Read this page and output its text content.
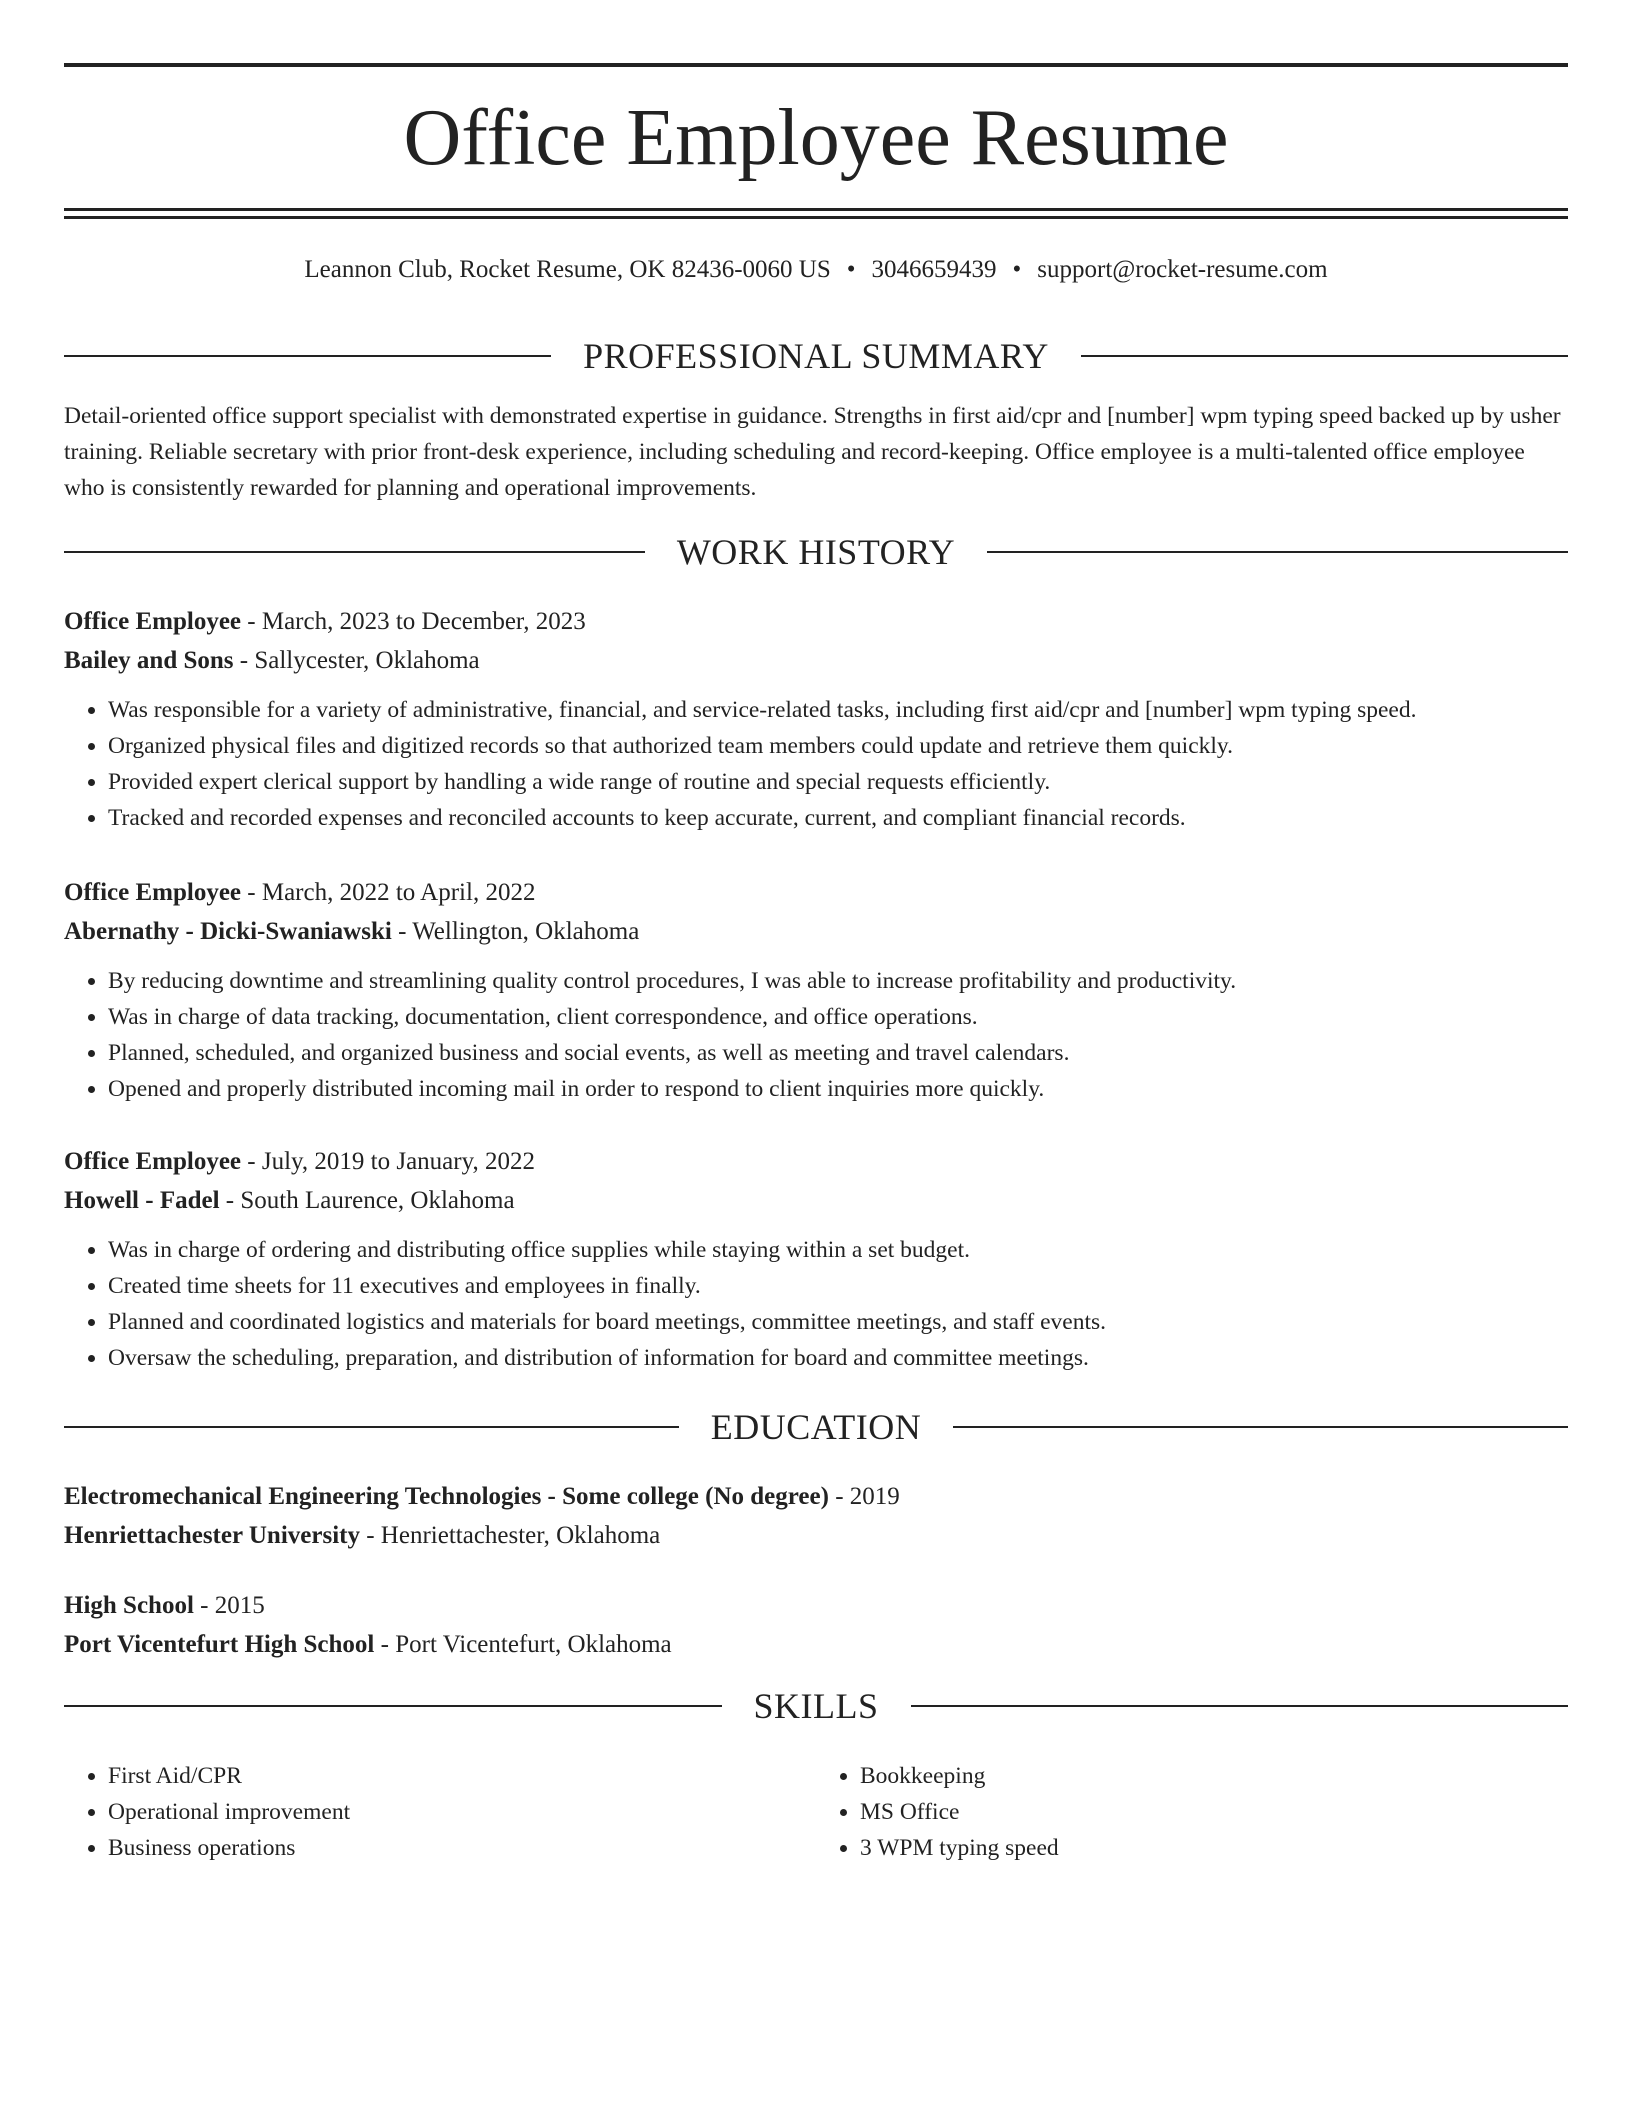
Office Employee Resume
Leannon Club, Rocket Resume, OK 82436-0060 US • 3046659439 • support@rocket-resume.com
PROFESSIONAL SUMMARY

Detail-oriented office support specialist with demonstrated expertise in guidance. Strengths in first aid/cpr and [number] wpm typing speed backed up by usher training. Reliable secretary with prior front-desk experience, including scheduling and record-keeping. Office employee is a multi-talented office employee who is consistently rewarded for planning and operational improvements.

WORK HISTORY
Office Employee - March, 2023 to December, 2023
Bailey and Sons - Sallycester, Oklahoma
• Was responsible for a variety of administrative, financial, and service-related tasks, including first aid/cpr and [number] wpm typing speed.
• Organized physical files and digitized records so that authorized team members could update and retrieve them quickly.
• Provided expert clerical support by handling a wide range of routine and special requests efficiently.
• Tracked and recorded expenses and reconciled accounts to keep accurate, current, and compliant financial records.
Office Employee - March, 2022 to April, 2022
Abernathy - Dicki-Swaniawski - Wellington, Oklahoma
• By reducing downtime and streamlining quality control procedures, I was able to increase profitability and productivity.
• Was in charge of data tracking, documentation, client correspondence, and office operations.
• Planned, scheduled, and organized business and social events, as well as meeting and travel calendars.
• Opened and properly distributed incoming mail in order to respond to client inquiries more quickly.
Office Employee - July, 2019 to January, 2022
Howell - Fadel - South Laurence, Oklahoma
• Was in charge of ordering and distributing office supplies while staying within a set budget.
• Created time sheets for 11 executives and employees in finally.
• Planned and coordinated logistics and materials for board meetings, committee meetings, and staff events.
• Oversaw the scheduling, preparation, and distribution of information for board and committee meetings.
EDUCATION
Electromechanical Engineering Technologies - Some college (No degree) - 2019
Henriettachester University - Henriettachester, Oklahoma
High School - 2015
Port Vicentefurt High School - Port Vicentefurt, Oklahoma
SKILLS
• First Aid/CPR
• Operational improvement
• Business operations
• Bookkeeping
• MS Office
• 3 WPM typing speed
